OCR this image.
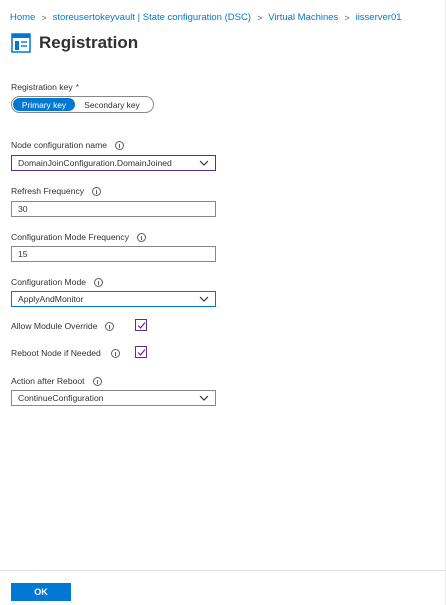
Home > storeusertokeyvault | State configuration (DSC) > Virtual Machines > iisserver01
Registration
Registration key *
Primary key	Secondary key
Node configuration name
DomainJoinConfiguration.DomainJoined
Refresh Frequency
30
Configuration Mode Frequency
15
Configuration Mode
ApplyAndMonitor
Allow Module Override
Reboot Node if Needed
Action after Reboot
ContinueConfiguration
OK
